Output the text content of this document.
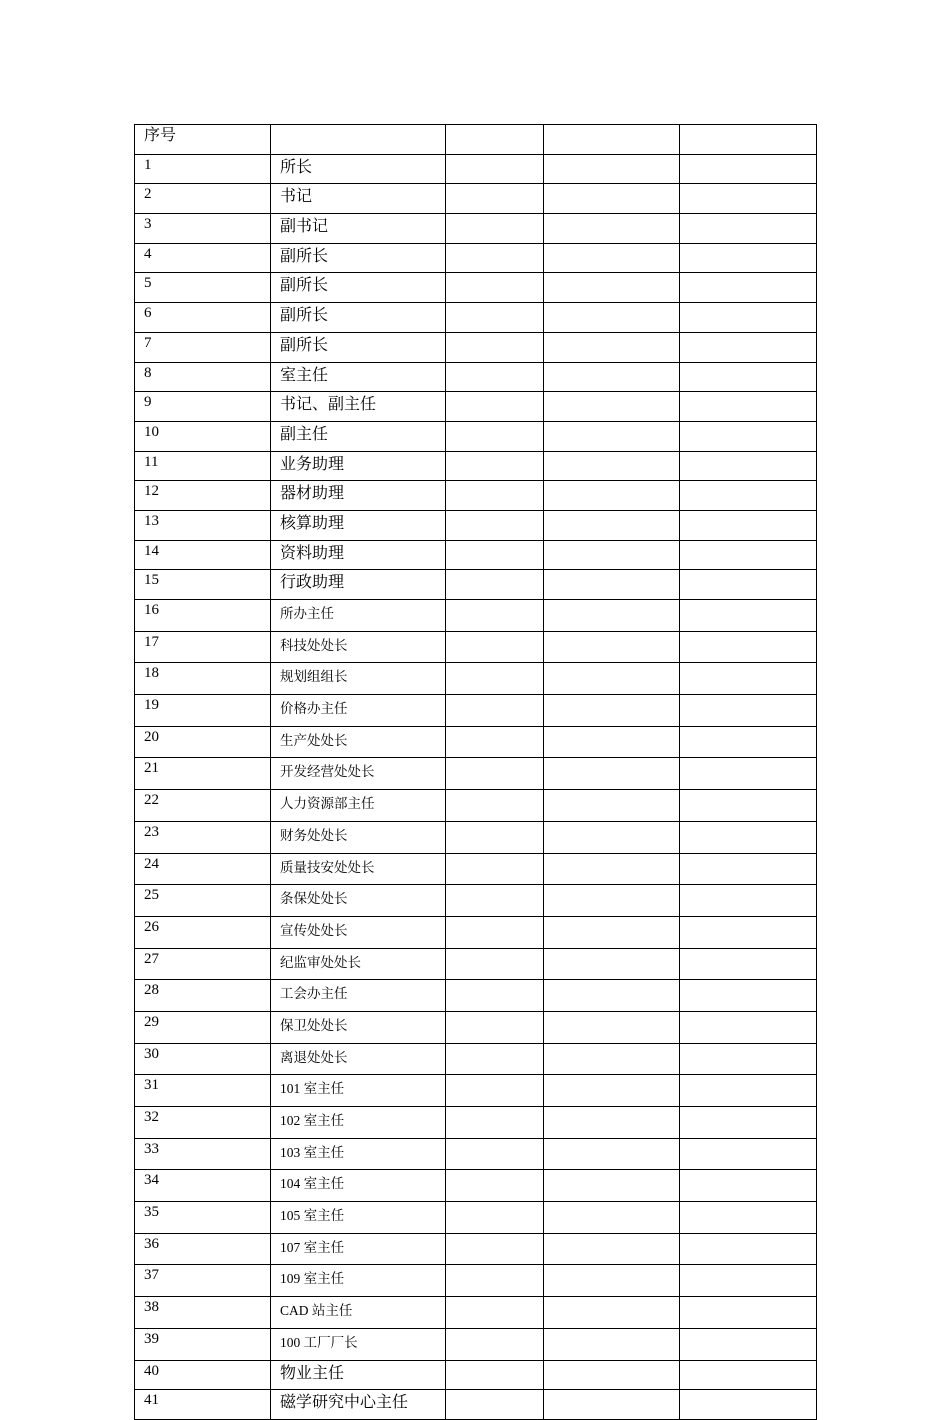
序号				
1	所长			
2	书记			
3	副书记			
4	副所长			
5	副所长			
6	副所长			
7	副所长			
8	室主任			
9	书记、副主任			
10	副主任			
11	业务助理			
12	器材助理			
13	核算助理			
14	资料助理			
15	行政助理			
16	所办主任			
17	科技处处长			
18	规划组组长			
19	价格办主任			
20	生产处处长			
21	开发经营处处长			
22	人力资源部主任			
23	财务处处长			
24	质量技安处处长			
25	条保处处长			
26	宣传处处长			
27	纪监审处处长			
28	工会办主任			
29	保卫处处长			
30	离退处处长			
31	101 室主任			
32	102 室主任			
33	103 室主任			
34	104 室主任			
35	105 室主任			
36	107 室主任			
37	109 室主任			
38	CAD 站主任			
39	100 工厂厂长			
40	物业主任			
41	磁学研究中心主任			
